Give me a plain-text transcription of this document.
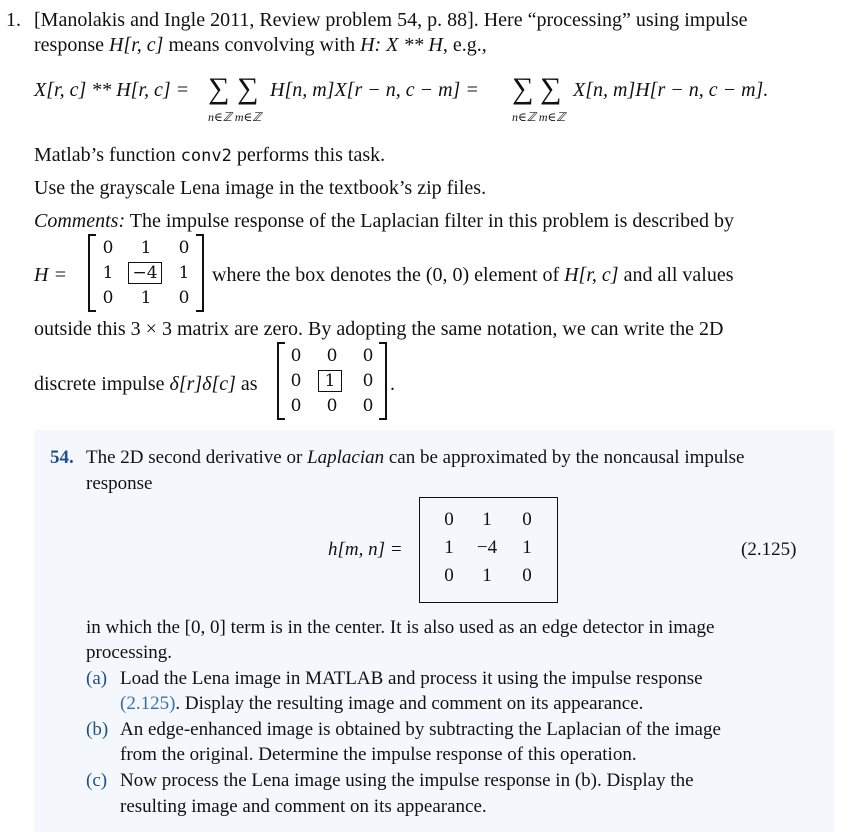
1. [Manolakis and Ingle 2011, Review problem 54, p. 88]. Here “processing” using impulse
response H[r, c] means convolving with H: X ** H, e.g.,
X[r, c] ** H[r, c] = ∑ ∑
n∈ℤ m∈ℤ
H[n, m]X[r − n, c − m] = ∑ ∑
n∈ℤ m∈ℤ
X[n, m]H[r − n, c − m].
Matlab’s function conv2 performs this task.
Use the grayscale Lena image in the textbook’s zip files.
Comments: The impulse response of the Laplacian filter in this problem is described by
H =
0	1	0
1	−4	1
0	1	0
where the box denotes the (0, 0) element of H[r, c] and all values
outside this 3 × 3 matrix are zero. By adopting the same notation, we can write the 2D
discrete impulse δ[r]δ[c] as
0	0	0
0	1	0
0	0	0
.
54. The 2D second derivative or Laplacian can be approximated by the noncausal impulse
response
h[m, n] =
0	1	0
1	−4	1
0	1	0
(2.125)
in which the [0, 0] term is in the center. It is also used as an edge detector in image
processing.
(a) Load the Lena image in MATLAB and process it using the impulse response
(2.125). Display the resulting image and comment on its appearance.
(b) An edge-enhanced image is obtained by subtracting the Laplacian of the image
from the original. Determine the impulse response of this operation.
(c) Now process the Lena image using the impulse response in (b). Display the
resulting image and comment on its appearance.
